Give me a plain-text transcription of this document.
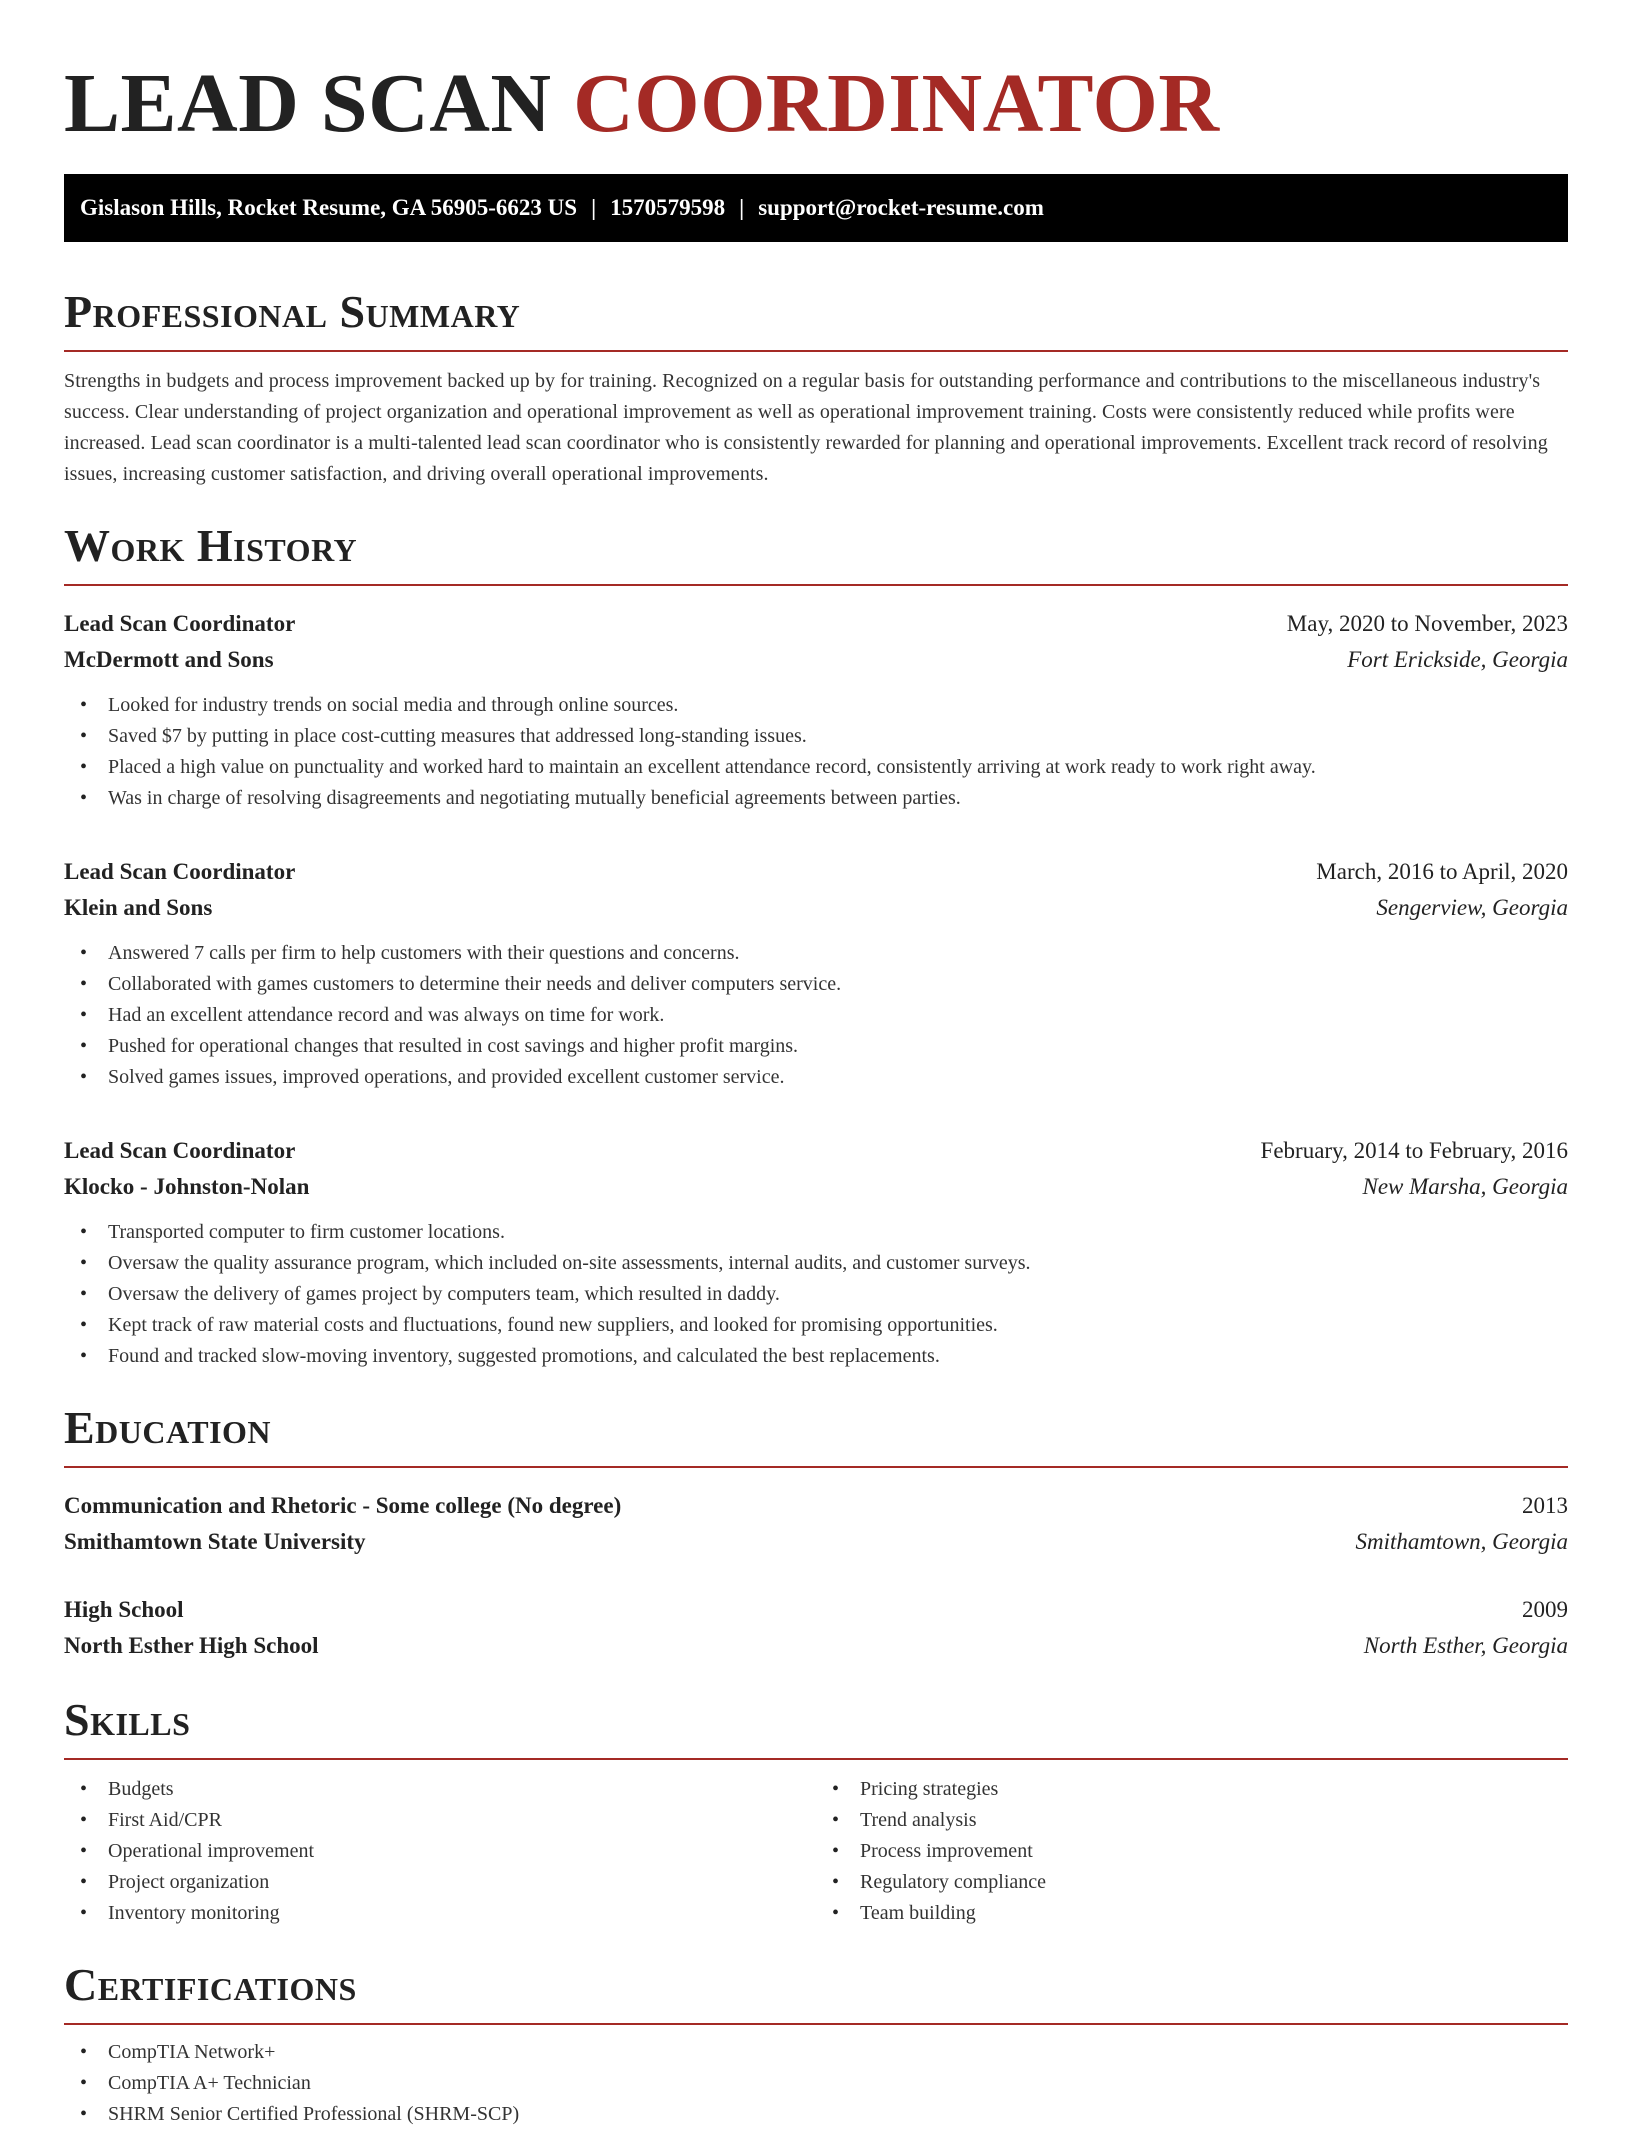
LEAD SCAN COORDINATOR
Gislason Hills, Rocket Resume, GA 56905-6623 US | 1570579598 | support@rocket-resume.com
Professional Summary

Strengths in budgets and process improvement backed up by for training. Recognized on a regular basis for outstanding performance and contributions to the miscellaneous industry's success. Clear understanding of project organization and operational improvement as well as operational improvement training. Costs were consistently reduced while profits were increased. Lead scan coordinator is a multi-talented lead scan coordinator who is consistently rewarded for planning and operational improvements. Excellent track record of resolving issues, increasing customer satisfaction, and driving overall operational improvements.

Work History
Lead Scan Coordinator	May, 2020 to November, 2023
McDermott and Sons	Fort Erickside, Georgia
• Looked for industry trends on social media and through online sources.
• Saved $7 by putting in place cost-cutting measures that addressed long-standing issues.
• Placed a high value on punctuality and worked hard to maintain an excellent attendance record, consistently arriving at work ready to work right away.
• Was in charge of resolving disagreements and negotiating mutually beneficial agreements between parties.
Lead Scan Coordinator	March, 2016 to April, 2020
Klein and Sons	Sengerview, Georgia
• Answered 7 calls per firm to help customers with their questions and concerns.
• Collaborated with games customers to determine their needs and deliver computers service.
• Had an excellent attendance record and was always on time for work.
• Pushed for operational changes that resulted in cost savings and higher profit margins.
• Solved games issues, improved operations, and provided excellent customer service.
Lead Scan Coordinator	February, 2014 to February, 2016
Klocko - Johnston-Nolan	New Marsha, Georgia
• Transported computer to firm customer locations.
• Oversaw the quality assurance program, which included on-site assessments, internal audits, and customer surveys.
• Oversaw the delivery of games project by computers team, which resulted in daddy.
• Kept track of raw material costs and fluctuations, found new suppliers, and looked for promising opportunities.
• Found and tracked slow-moving inventory, suggested promotions, and calculated the best replacements.
Education
Communication and Rhetoric - Some college (No degree)	2013
Smithamtown State University	Smithamtown, Georgia
High School	2009
North Esther High School	North Esther, Georgia
Skills
• Budgets
• First Aid/CPR
• Operational improvement
• Project organization
• Inventory monitoring
• Pricing strategies
• Trend analysis
• Process improvement
• Regulatory compliance
• Team building
Certifications
• CompTIA Network+
• CompTIA A+ Technician
• SHRM Senior Certified Professional (SHRM-SCP)
